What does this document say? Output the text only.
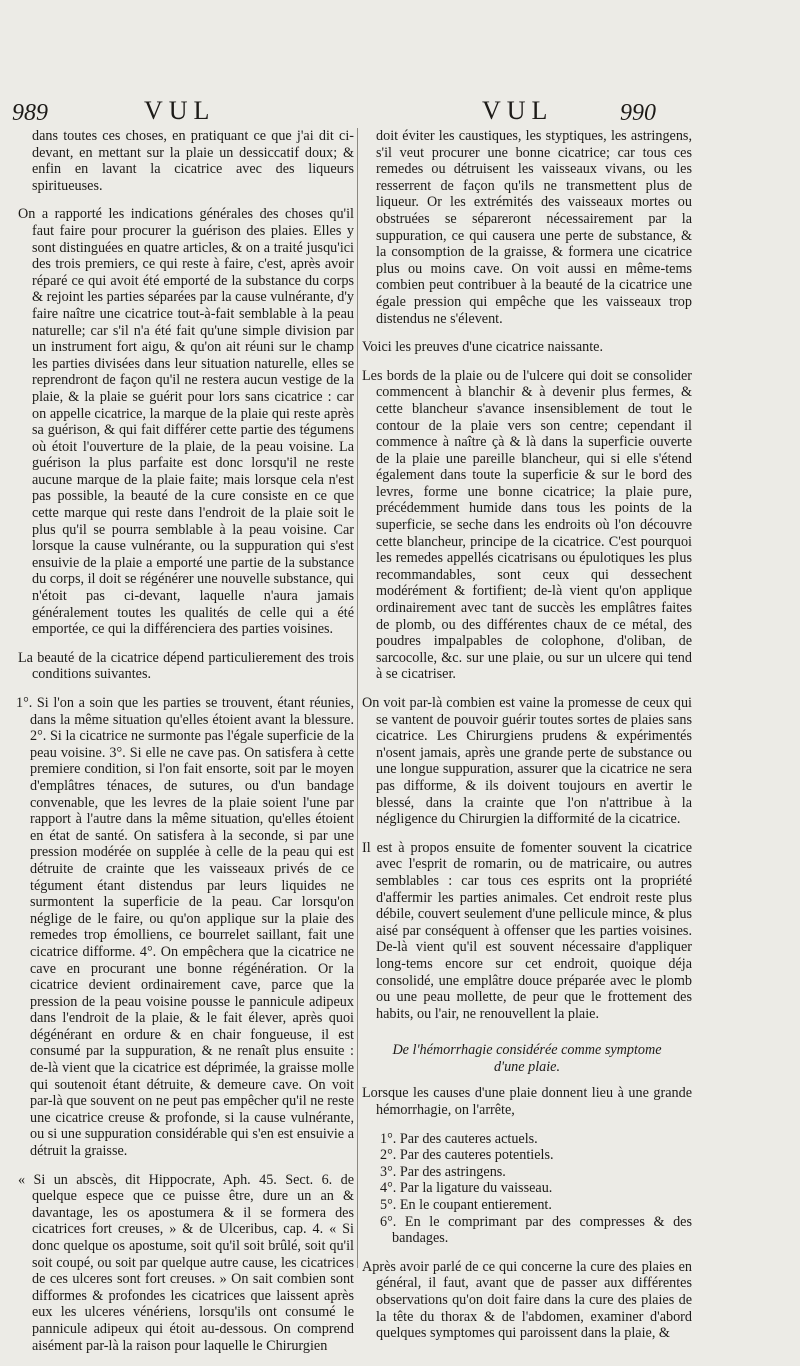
989	VUL	VUL	990

dans toutes ces choses, en pratiquant ce que j'ai dit ci-devant, en mettant sur la plaie un dessiccatif doux; & enfin en lavant la cicatrice avec des liqueurs spiritueuses.

On a rapporté les indications générales des choses qu'il faut faire pour procurer la guérison des plaies. Elles y sont distinguées en quatre articles, & on a traité jusqu'ici des trois premiers, ce qui reste à faire, c'est, après avoir réparé ce qui avoit été emporté de la substance du corps & rejoint les parties séparées par la cause vulnérante, d'y faire naître une cicatrice tout-à-fait semblable à la peau naturelle; car s'il n'a été fait qu'une simple division par un instrument fort aigu, & qu'on ait réuni sur le champ les parties divisées dans leur situation naturelle, elles se reprendront de façon qu'il ne restera aucun vestige de la plaie, & la plaie se guérit pour lors sans cicatrice : car on appelle cicatrice, la marque de la plaie qui reste après sa guérison, & qui fait différer cette partie des tégumens où étoit l'ouverture de la plaie, de la peau voisine. La guérison la plus parfaite est donc lorsqu'il ne reste aucune marque de la plaie faite; mais lorsque cela n'est pas possible, la beauté de la cure consiste en ce que cette marque qui reste dans l'endroit de la plaie soit le plus qu'il se pourra semblable à la peau voisine. Car lorsque la cause vulnérante, ou la suppuration qui s'est ensuivie de la plaie a emporté une partie de la substance du corps, il doit se régénérer une nouvelle substance, qui n'étoit pas ci-devant, laquelle n'aura jamais généralement toutes les qualités de celle qui a été emportée, ce qui la différenciera des parties voisines.

La beauté de la cicatrice dépend particulierement des trois conditions suivantes.

1°. Si l'on a soin que les parties se trouvent, étant réunies, dans la même situation qu'elles étoient avant la blessure. 2°. Si la cicatrice ne surmonte pas l'égale superficie de la peau voisine. 3°. Si elle ne cave pas. On satisfera à cette premiere condition, si l'on fait ensorte, soit par le moyen d'emplâtres ténaces, de sutures, ou d'un bandage convenable, que les levres de la plaie soient l'une par rapport à l'autre dans la même situation, qu'elles étoient en état de santé. On satisfera à la seconde, si par une pression modérée on supplée à celle de la peau qui est détruite de crainte que les vaisseaux privés de ce tégument étant distendus par leurs liquides ne surmontent la superficie de la peau. Car lorsqu'on néglige de le faire, ou qu'on applique sur la plaie des remedes trop émolliens, ce bourrelet saillant, fait une cicatrice difforme. 4°. On empêchera que la cicatrice ne cave en procurant une bonne régénération. Or la cicatrice devient ordinairement cave, parce que la pression de la peau voisine pousse le pannicule adipeux dans l'endroit de la plaie, & le fait élever, après quoi dégénérant en ordure & en chair fongueuse, il est consumé par la suppuration, & ne renaît plus ensuite : de-là vient que la cicatrice est déprimée, la graisse molle qui soutenoit étant détruite, & demeure cave. On voit par-là que souvent on ne peut pas empêcher qu'il ne reste une cicatrice creuse & profonde, si la cause vulnérante, ou si une suppuration considérable qui s'en est ensuivie a détruit la graisse.

« Si un abscès, dit Hippocrate, Aph. 45. Sect. 6. de quelque espece que ce puisse être, dure un an & davantage, les os apostumera & il se formera des cicatrices fort creuses, » & de Ulceribus, cap. 4. « Si donc quelque os apostume, soit qu'il soit brûlé, soit qu'il soit coupé, ou soit par quelque autre cause, les cicatrices de ces ulceres sont fort creuses. » On sait combien sont difformes & profondes les cicatrices que laissent après eux les ulceres vénériens, lorsqu'ils ont consumé le pannicule adipeux qui étoit au-dessous. On comprend aisément par-là la raison pour laquelle le Chirurgien

doit éviter les caustiques, les styptiques, les astringens, s'il veut procurer une bonne cicatrice; car tous ces remedes ou détruisent les vaisseaux vivans, ou les resserrent de façon qu'ils ne transmettent plus de liqueur. Or les extrémités des vaisseaux mortes ou obstruées se sépareront nécessairement par la suppuration, ce qui causera une perte de substance, & la consomption de la graisse, & formera une cicatrice plus ou moins cave. On voit aussi en même-tems combien peut contribuer à la beauté de la cicatrice une égale pression qui empêche que les vaisseaux trop distendus ne s'élevent.

Voici les preuves d'une cicatrice naissante.

Les bords de la plaie ou de l'ulcere qui doit se consolider commencent à blanchir & à devenir plus fermes, & cette blancheur s'avance insensiblement de tout le contour de la plaie vers son centre; cependant il commence à naître çà & là dans la superficie ouverte de la plaie une pareille blancheur, qui si elle s'étend également dans toute la superficie & sur le bord des levres, forme une bonne cicatrice; la plaie pure, précédemment humide dans tous les points de la superficie, se seche dans les endroits où l'on découvre cette blancheur, principe de la cicatrice. C'est pourquoi les remedes appellés cicatrisans ou épulotiques les plus recommandables, sont ceux qui dessechent modérément & fortifient; de-là vient qu'on applique ordinairement avec tant de succès les emplâtres faites de plomb, ou des différentes chaux de ce métal, des poudres impalpables de colophone, d'oliban, de sarcocolle, &c. sur une plaie, ou sur un ulcere qui tend à se cicatriser.

On voit par-là combien est vaine la promesse de ceux qui se vantent de pouvoir guérir toutes sortes de plaies sans cicatrice. Les Chirurgiens prudens & expérimentés n'osent jamais, après une grande perte de substance ou une longue suppuration, assurer que la cicatrice ne sera pas difforme, & ils doivent toujours en avertir le blessé, dans la crainte que l'on n'attribue à la négligence du Chirurgien la difformité de la cicatrice.

Il est à propos ensuite de fomenter souvent la cicatrice avec l'esprit de romarin, ou de matricaire, ou autres semblables : car tous ces esprits ont la propriété d'affermir les parties animales. Cet endroit reste plus débile, couvert seulement d'une pellicule mince, & plus aisé par conséquent à offenser que les parties voisines. De-là vient qu'il est souvent nécessaire d'appliquer long-tems encore sur cet endroit, quoique déja consolidé, une emplâtre douce préparée avec le plomb ou une peau mollette, de peur que le frottement des habits, ou l'air, ne renouvellent la plaie.

De l'hémorrhagie considérée comme symptome d'une plaie.

Lorsque les causes d'une plaie donnent lieu à une grande hémorrhagie, on l'arrête,

1°. Par des cauteres actuels.
2°. Par des cauteres potentiels.
3°. Par des astringens.
4°. Par la ligature du vaisseau.
5°. En le coupant entierement.
6°. En le comprimant par des compresses & des bandages.

Après avoir parlé de ce qui concerne la cure des plaies en général, il faut, avant que de passer aux différentes observations qu'on doit faire dans la cure des plaies de la tête du thorax & de l'abdomen, examiner d'abord quelques symptomes qui paroissent dans la plaie, &
